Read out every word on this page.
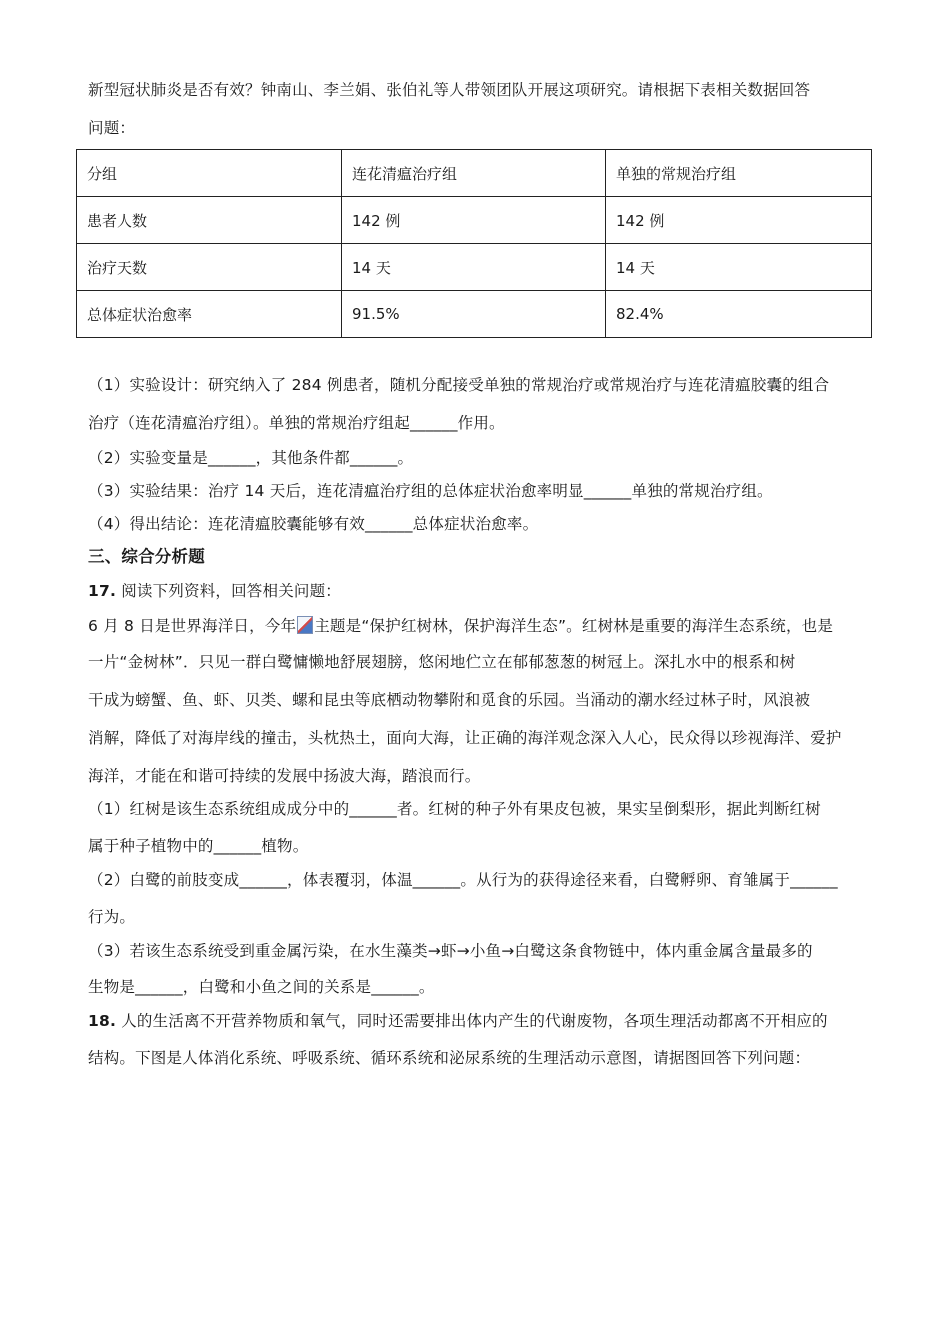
新型冠状肺炎是否有效？钟南山、李兰娟、张伯礼等人带领团队开展这项研究。请根据下表相关数据回答
问题：
分组	连花清瘟治疗组	单独的常规治疗组
患者人数	142 例	142 例
治疗天数	14 天	14 天
总体症状治愈率	91.5%	82.4%
（1）实验设计：研究纳入了 284 例患者，随机分配接受单独的常规治疗或常规治疗与连花清瘟胶囊的组合
治疗（连花清瘟治疗组）。单独的常规治疗组起______作用。
（2）实验变量是______，其他条件都______。
（3）实验结果：治疗 14 天后，连花清瘟治疗组的总体症状治愈率明显______单独的常规治疗组。
（4）得出结论：连花清瘟胶囊能够有效______总体症状治愈率。
三、综合分析题
17. 阅读下列资料，回答相关问题：
6 月 8 日是世界海洋日，今年 主题是“保护红树林，保护海洋生态”。红树林是重要的海洋生态系统，也是
一片“金树林”．只见一群白鹭慵懒地舒展翅膀，悠闲地伫立在郁郁葱葱的树冠上。深扎水中的根系和树
干成为螃蟹、鱼、虾、贝类、螺和昆虫等底栖动物攀附和觅食的乐园。当涌动的潮水经过林子时，风浪被
消解，降低了对海岸线的撞击，头枕热土，面向大海，让正确的海洋观念深入人心，民众得以珍视海洋、爱护
海洋，才能在和谐可持续的发展中扬波大海，踏浪而行。
（1）红树是该生态系统组成成分中的______者。红树的种子外有果皮包被，果实呈倒梨形，据此判断红树
属于种子植物中的______植物。
（2）白鹭的前肢变成______，体表覆羽，体温______。从行为的获得途径来看，白鹭孵卵、育雏属于______
行为。
（3）若该生态系统受到重金属污染，在水生藻类→虾→小鱼→白鹭这条食物链中，体内重金属含量最多的
生物是______，白鹭和小鱼之间的关系是______。
18. 人的生活离不开营养物质和氧气，同时还需要排出体内产生的代谢废物，各项生理活动都离不开相应的
结构。下图是人体消化系统、呼吸系统、循环系统和泌尿系统的生理活动示意图，请据图回答下列问题：
